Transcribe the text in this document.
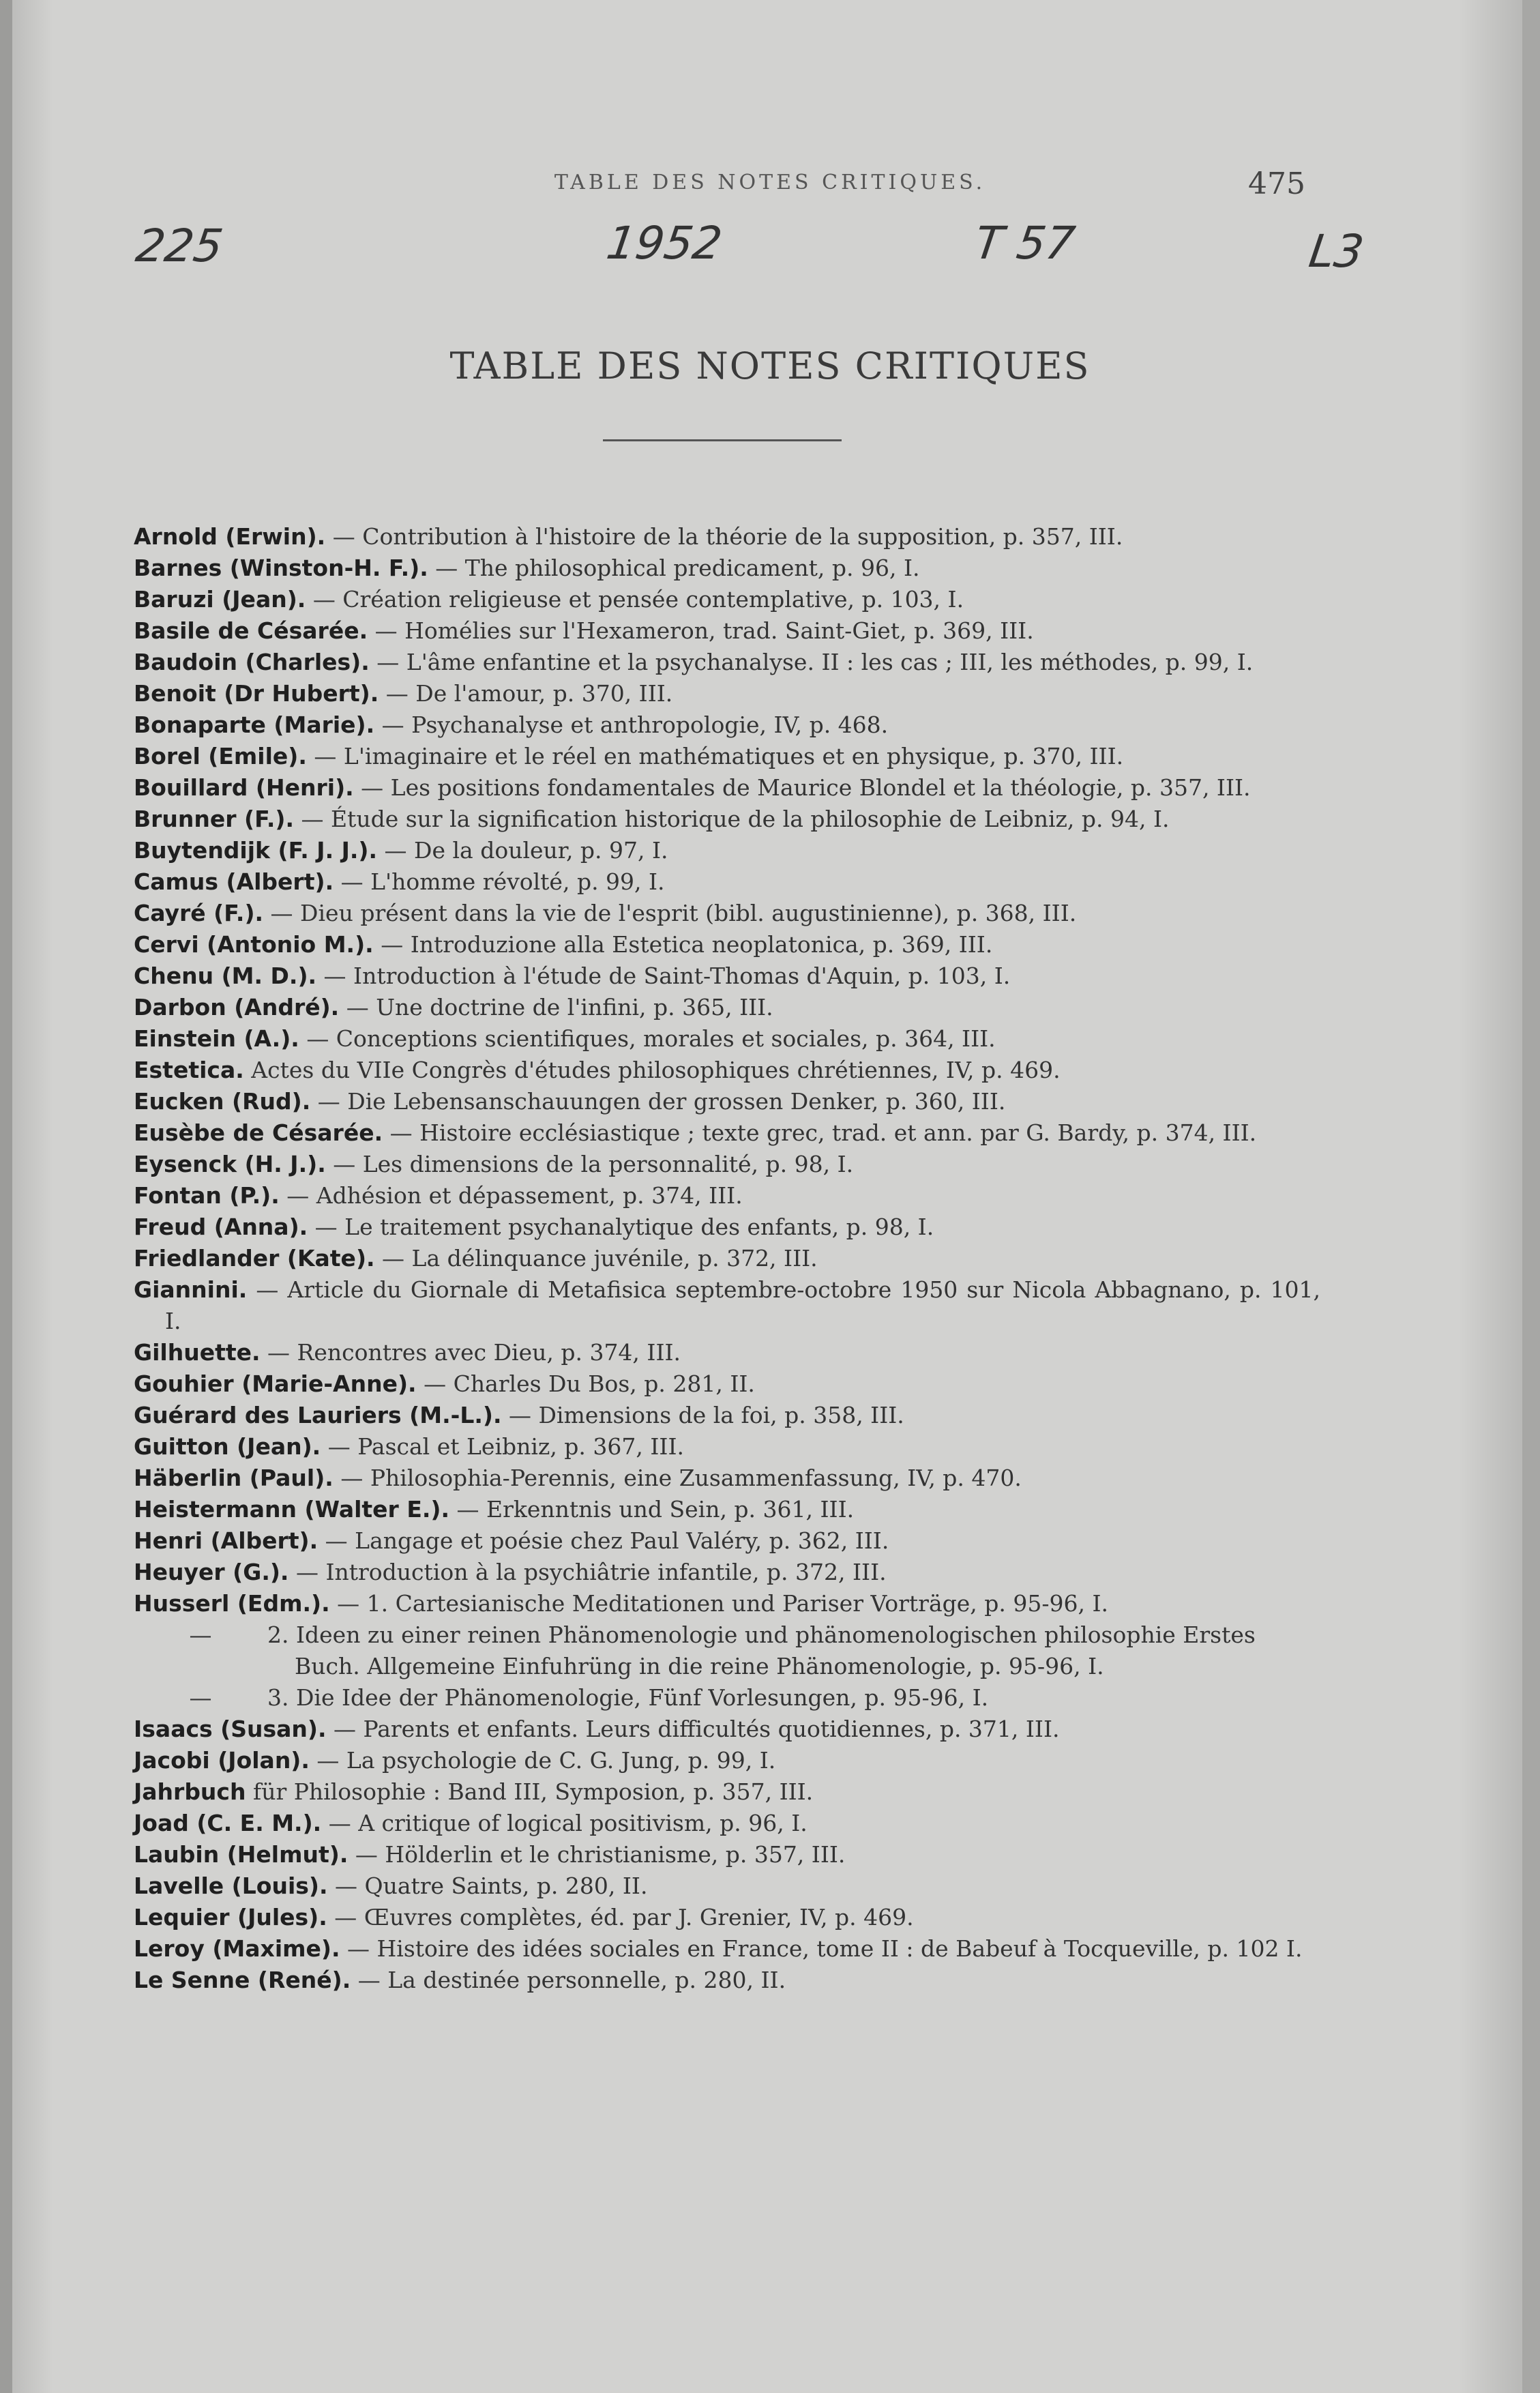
TABLE DES NOTES CRITIQUES.	475
225	1952	T 57	L3
TABLE DES NOTES CRITIQUES
Arnold (Erwin). — Contribution à l'histoire de la théorie de la supposition, p. 357, III.
Barnes (Winston-H. F.). — The philosophical predicament, p. 96, I.
Baruzi (Jean). — Création religieuse et pensée contemplative, p. 103, I.
Basile de Césarée. — Homélies sur l'Hexameron, trad. Saint-Giet, p. 369, III.
Baudoin (Charles). — L'âme enfantine et la psychanalyse. II : les cas ; III, les méthodes, p. 99, I.
Benoit (Dr Hubert). — De l'amour, p. 370, III.
Bonaparte (Marie). — Psychanalyse et anthropologie, IV, p. 468.
Borel (Emile). — L'imaginaire et le réel en mathématiques et en physique, p. 370, III.
Bouillard (Henri). — Les positions fondamentales de Maurice Blondel et la théologie, p. 357, III.
Brunner (F.). — Étude sur la signification historique de la philosophie de Leibniz, p. 94, I.
Buytendijk (F. J. J.). — De la douleur, p. 97, I.
Camus (Albert). — L'homme révolté, p. 99, I.
Cayré (F.). — Dieu présent dans la vie de l'esprit (bibl. augustinienne), p. 368, III.
Cervi (Antonio M.). — Introduzione alla Estetica neoplatonica, p. 369, III.
Chenu (M. D.). — Introduction à l'étude de Saint-Thomas d'Aquin, p. 103, I.
Darbon (André). — Une doctrine de l'infini, p. 365, III.
Einstein (A.). — Conceptions scientifiques, morales et sociales, p. 364, III.
Estetica. Actes du VIIe Congrès d'études philosophiques chrétiennes, IV, p. 469.
Eucken (Rud). — Die Lebensanschauungen der grossen Denker, p. 360, III.
Eusèbe de Césarée. — Histoire ecclésiastique ; texte grec, trad. et ann. par G. Bardy, p. 374, III.
Eysenck (H. J.). — Les dimensions de la personnalité, p. 98, I.
Fontan (P.). — Adhésion et dépassement, p. 374, III.
Freud (Anna). — Le traitement psychanalytique des enfants, p. 98, I.
Friedlander (Kate). — La délinquance juvénile, p. 372, III.
Giannini. — Article du Giornale di Metafisica septembre-octobre 1950 sur Nicola Abbagnano, p. 101, I.
Gilhuette. — Rencontres avec Dieu, p. 374, III.
Gouhier (Marie-Anne). — Charles Du Bos, p. 281, II.
Guérard des Lauriers (M.-L.). — Dimensions de la foi, p. 358, III.
Guitton (Jean). — Pascal et Leibniz, p. 367, III.
Häberlin (Paul). — Philosophia-Perennis, eine Zusammenfassung, IV, p. 470.
Heistermann (Walter E.). — Erkenntnis und Sein, p. 361, III.
Henri (Albert). — Langage et poésie chez Paul Valéry, p. 362, III.
Heuyer (G.). — Introduction à la psychiâtrie infantile, p. 372, III.
Husserl (Edm.). — 1. Cartesianische Meditationen und Pariser Vorträge, p. 95-96, I.
—	2. Ideen zu einer reinen Phänomenologie und phänomenologischen philosophie Erstes Buch. Allgemeine Einfuhrüng in die reine Phänomenologie, p. 95-96, I.
—	3. Die Idee der Phänomenologie, Fünf Vorlesungen, p. 95-96, I.
Isaacs (Susan). — Parents et enfants. Leurs difficultés quotidiennes, p. 371, III.
Jacobi (Jolan). — La psychologie de C. G. Jung, p. 99, I.
Jahrbuch für Philosophie : Band III, Symposion, p. 357, III.
Joad (C. E. M.). — A critique of logical positivism, p. 96, I.
Laubin (Helmut). — Hölderlin et le christianisme, p. 357, III.
Lavelle (Louis). — Quatre Saints, p. 280, II.
Lequier (Jules). — Œuvres complètes, éd. par J. Grenier, IV, p. 469.
Leroy (Maxime). — Histoire des idées sociales en France, tome II : de Babeuf à Tocqueville, p. 102 I.
Le Senne (René). — La destinée personnelle, p. 280, II.
